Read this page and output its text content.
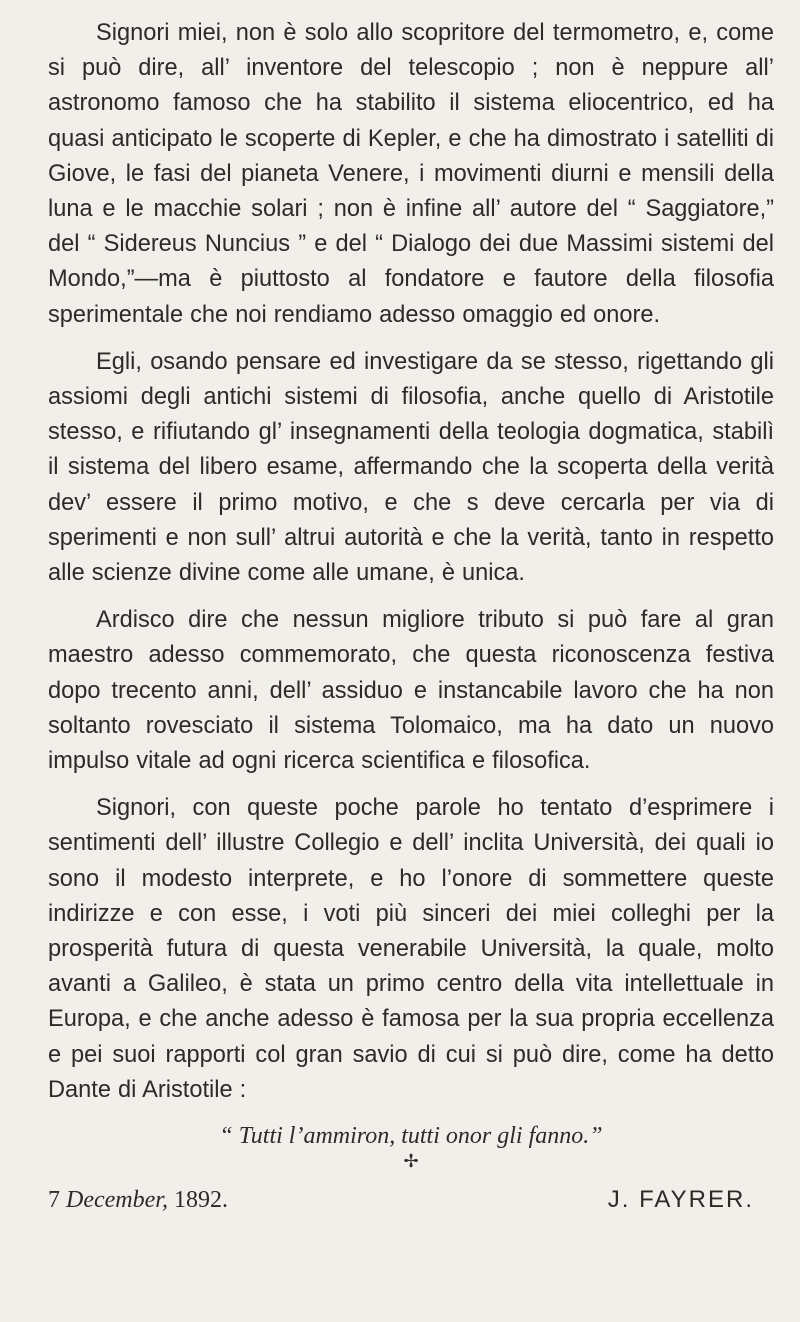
Signori miei, non è solo allo scopritore del termometro, e, come si può dire, all’ inventore del telescopio ; non è neppure all’ astronomo famoso che ha stabilito il sistema eliocentrico, ed ha quasi anticipato le scoperte di Kepler, e che ha dimostrato i satelliti di Giove, le fasi del pianeta Venere, i movimenti diurni e mensili della luna e le macchie solari ; non è infine all’ autore del “ Saggiatore,” del “ Sidereus Nuncius ” e del “ Dialogo dei due Massimi sistemi del Mondo,”—ma è piuttosto al fondatore e fautore della filosofia sperimentale che noi rendiamo adesso omaggio ed onore.

Egli, osando pensare ed investigare da se stesso, rigettando gli assiomi degli antichi sistemi di filosofia, anche quello di Aristotile stesso, e rifiutando gl’ insegnamenti della teologia dogmatica, stabilì il sistema del libero esame, affermando che la scoperta della verità dev’ essere il primo motivo, e che s deve cercarla per via di sperimenti e non sull’ altrui autorità e che la verità, tanto in respetto alle scienze divine come alle umane, è unica.

Ardisco dire che nessun migliore tributo si può fare al gran maestro adesso commemorato, che questa riconoscenza festiva dopo trecento anni, dell’ assiduo e instancabile lavoro che ha non soltanto rovesciato il sistema Tolomaico, ma ha dato un nuovo impulso vitale ad ogni ricerca scientifica e filosofica.

Signori, con queste poche parole ho tentato d’esprimere i sentimenti dell’ illustre Collegio e dell’ inclita Università, dei quali io sono il modesto interprete, e ho l’onore di sommettere queste indirizze e con esse, i voti più sinceri dei miei colleghi per la prosperità futura di questa venerabile Università, la quale, molto avanti a Galileo, è stata un primo centro della vita intellettuale in Europa, e che anche adesso è famosa per la sua propria eccellenza e pei suoi rapporti col gran savio di cui si può dire, come ha detto Dante di Aristotile :

“ Tutti l’ammiron, tutti onor gli fanno.”
✢
7 December, 1892.	J. FAYRER.
